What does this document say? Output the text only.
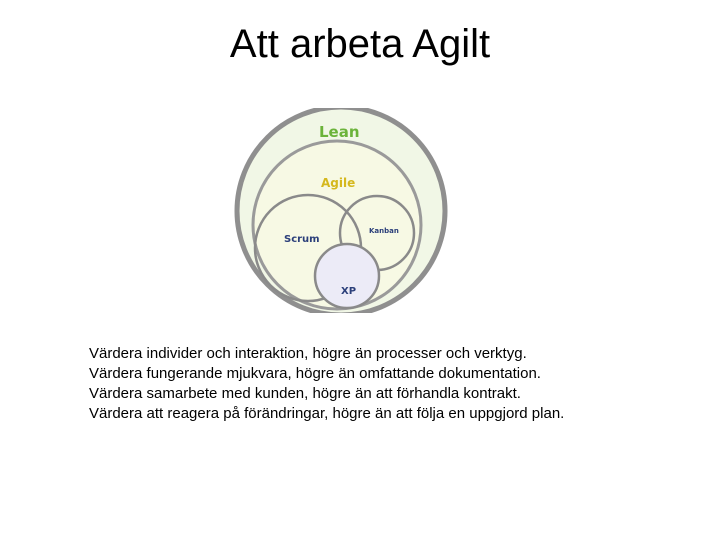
Att arbeta Agilt
Lean
Agile
Scrum
Kanban
XP
Värdera individer och interaktion, högre än processer och verktyg.
Värdera fungerande mjukvara, högre än omfattande dokumentation.
Värdera samarbete med kunden, högre än att förhandla kontrakt.
Värdera att reagera på förändringar, högre än att följa en uppgjord plan.
